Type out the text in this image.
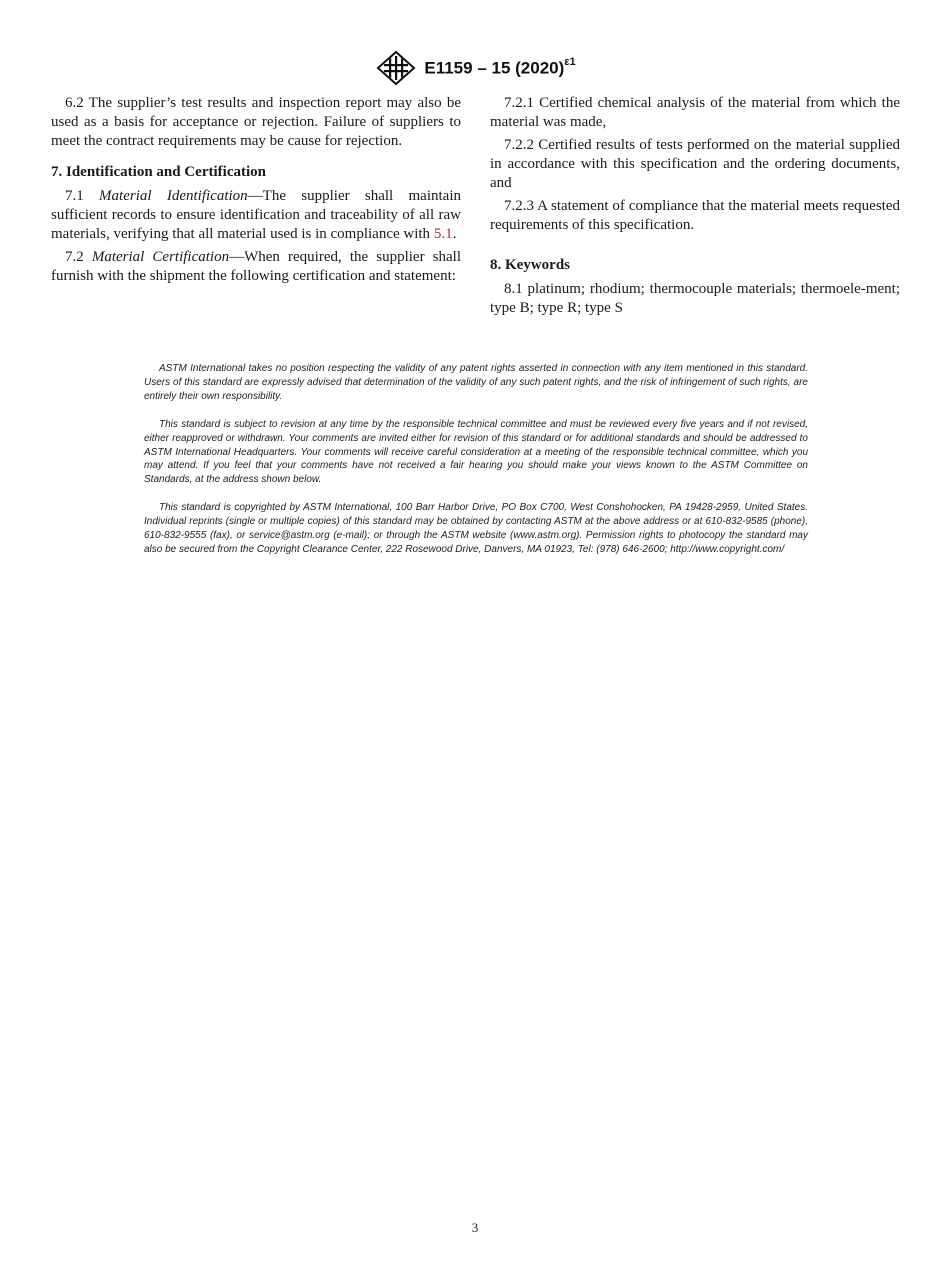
E1159 – 15 $(2020)^{\varepsilon 1}$

6.2 The supplier’s test results and inspection report may also be used as a basis for acceptance or rejection. Failure of suppliers to meet the contract requirements may be cause for rejection.

7. Identification and Certification

7.1 Material Identification—The supplier shall maintain sufficient records to ensure identification and traceability of all raw materials, verifying that all material used is in compliance with 5.1.

7.2 Material Certification—When required, the supplier shall furnish with the shipment the following certification and statement:

7.2.1 Certified chemical analysis of the material from which the material was made,

7.2.2 Certified results of tests performed on the material supplied in accordance with this specification and the ordering documents, and

7.2.3 A statement of compliance that the material meets requested requirements of this specification.

8. Keywords

8.1 platinum; rhodium; thermocouple materials; thermoele-ment; type B; type R; type S

ASTM International takes no position respecting the validity of any patent rights asserted in connection with any item mentioned in this standard. Users of this standard are expressly advised that determination of the validity of any such patent rights, and the risk of infringement of such rights, are entirely their own responsibility.

This standard is subject to revision at any time by the responsible technical committee and must be reviewed every five years and if not revised, either reapproved or withdrawn. Your comments are invited either for revision of this standard or for additional standards and should be addressed to ASTM International Headquarters. Your comments will receive careful consideration at a meeting of the responsible technical committee, which you may attend. If you feel that your comments have not received a fair hearing you should make your views known to the ASTM Committee on Standards, at the address shown below.

This standard is copyrighted by ASTM International, 100 Barr Harbor Drive, PO Box C700, West Conshohocken, PA 19428-2959, United States. Individual reprints (single or multiple copies) of this standard may be obtained by contacting ASTM at the above address or at 610-832-9585 (phone), 610-832-9555 (fax), or service@astm.org (e-mail); or through the ASTM website (www.astm.org). Permission rights to photocopy the standard may also be secured from the Copyright Clearance Center, 222 Rosewood Drive, Danvers, MA 01923, Tel: (978) 646-2600; http://www.copyright.com/

3
